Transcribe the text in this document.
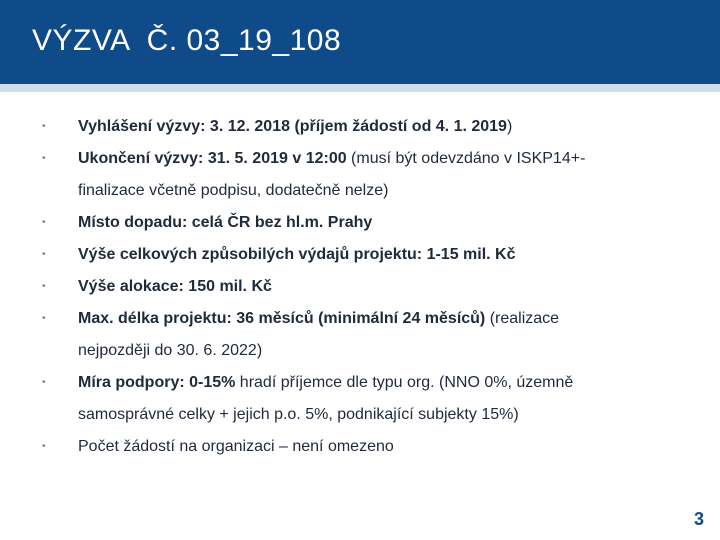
VÝZVA  Č. 03_19_108
• Vyhlášení výzvy: 3. 12. 2018 (příjem žádostí od 4. 1. 2019)
• Ukončení výzvy: 31. 5. 2019 v 12:00 (musí být odevzdáno v ISKP14+-
finalizace včetně podpisu, dodatečně nelze)
• Místo dopadu: celá ČR bez hl.m. Prahy
• Výše celkových způsobilých výdajů projektu: 1-15 mil. Kč
• Výše alokace: 150 mil. Kč
• Max. délka projektu: 36 měsíců (minimální 24 měsíců) (realizace
nejpozději do 30. 6. 2022)
• Míra podpory: 0-15% hradí příjemce dle typu org. (NNO 0%, územně
samosprávné celky + jejich p.o. 5%, podnikající subjekty 15%)
• Počet žádostí na organizaci – není omezeno
3
